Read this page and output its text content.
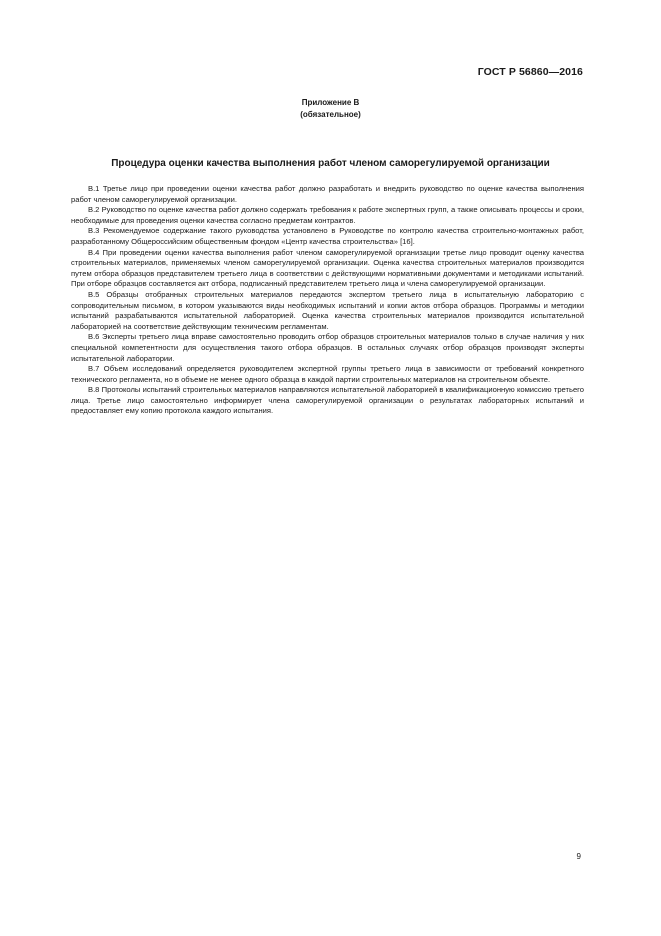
ГОСТ Р 56860—2016
Приложение В
(обязательное)
Процедура оценки качества выполнения работ членом саморегулируемой организации

В.1 Третье лицо при проведении оценки качества работ должно разработать и внедрить руководство по оценке качества выполнения работ членом саморегулируемой организации.

В.2 Руководство по оценке качества работ должно содержать требования к работе экспертных групп, а также описывать процессы и сроки, необходимые для проведения оценки качества согласно предметам контрактов.

В.3 Рекомендуемое содержание такого руководства установлено в Руководстве по контролю качества строительно-монтажных работ, разработанному Общероссийским общественным фондом «Центр качества строительства» [16].

В.4 При проведении оценки качества выполнения работ членом саморегулируемой организации третье лицо проводит оценку качества строительных материалов, применяемых членом саморегулируемой организации. Оценка качества строительных материалов производится путем отбора образцов представителем третьего лица в соответствии с действующими нормативными документами и методиками испытаний. При отборе образцов составляется акт отбора, подписанный представителем третьего лица и члена саморегулируемой организации.

В.5 Образцы отобранных строительных материалов передаются экспертом третьего лица в испытательную лабораторию с сопроводительным письмом, в котором указываются виды необходимых испытаний и копии актов отбора образцов. Программы и методики испытаний разрабатываются испытательной лабораторией. Оценка качества строительных материалов производится испытательной лабораторией на соответствие действующим техническим регламентам.

В.6 Эксперты третьего лица вправе самостоятельно проводить отбор образцов строительных материалов только в случае наличия у них специальной компетентности для осуществления такого отбора образцов. В остальных случаях отбор образцов производят эксперты испытательной лаборатории.

В.7 Объем исследований определяется руководителем экспертной группы третьего лица в зависимости от требований конкретного технического регламента, но в объеме не менее одного образца в каждой партии строительных материалов на строительном объекте.

В.8 Протоколы испытаний строительных материалов направляются испытательной лабораторией в квалификационную комиссию третьего лица. Третье лицо самостоятельно информирует члена саморегулируемой организации о результатах лабораторных испытаний и предоставляет ему копию протокола каждого испытания.

9
